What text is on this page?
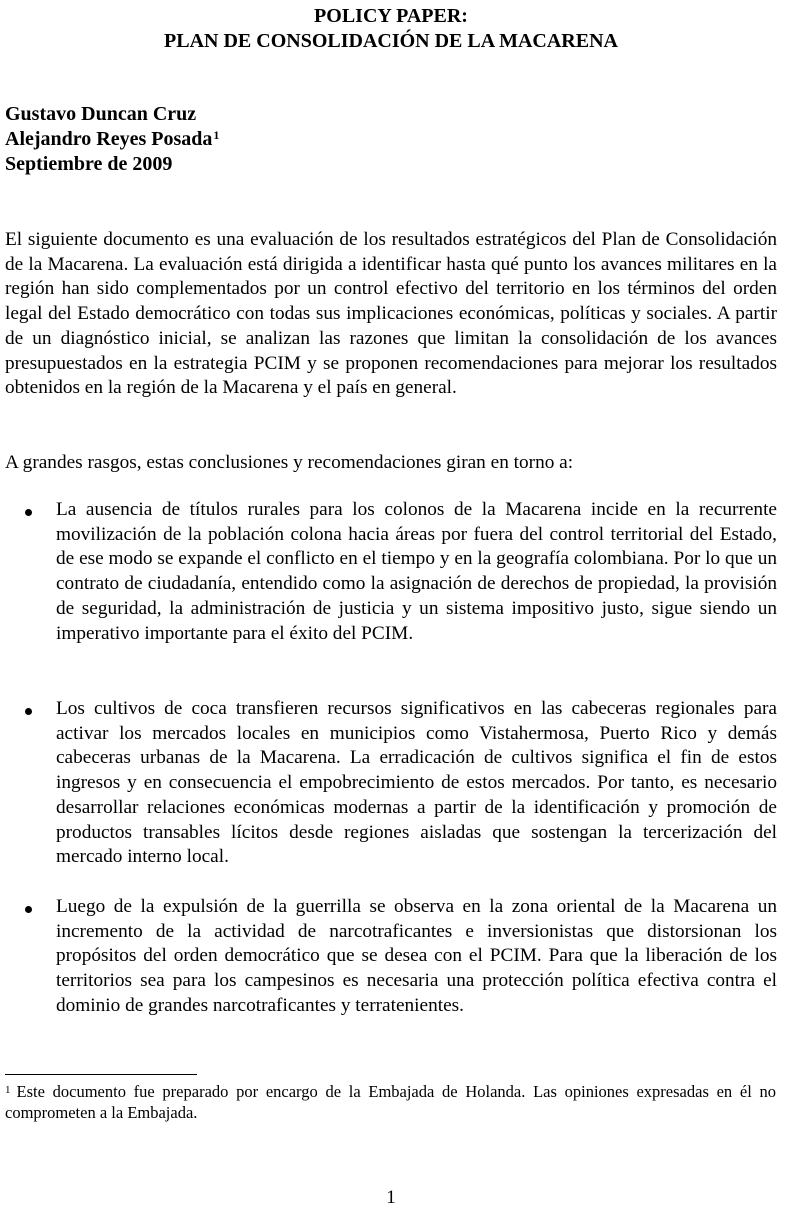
POLICY PAPER:
PLAN DE CONSOLIDACIÓN DE LA MACARENA
Gustavo Duncan Cruz
Alejandro Reyes Posada$^1$
Septiembre de 2009

El siguiente documento es una evaluación de los resultados estratégicos del Plan de Consolidación de la Macarena. La evaluación está dirigida a identificar hasta qué punto los avances militares en la región han sido complementados por un control efectivo del territorio en los términos del orden legal del Estado democrático con todas sus implicaciones económicas, políticas y sociales. A partir de un diagnóstico inicial, se analizan las razones que limitan la consolidación de los avances presupuestados en la estrategia PCIM y se proponen recomendaciones para mejorar los resultados obtenidos en la región de la Macarena y el país en general.

A grandes rasgos, estas conclusiones y recomendaciones giran en torno a:

La ausencia de títulos rurales para los colonos de la Macarena incide en la recurrente movilización de la población colona hacia áreas por fuera del control territorial del Estado, de ese modo se expande el conflicto en el tiempo y en la geografía colombiana. Por lo que un contrato de ciudadanía, entendido como la asignación de derechos de propiedad, la provisión de seguridad, la administración de justicia y un sistema impositivo justo, sigue siendo un imperativo importante para el éxito del PCIM.

Los cultivos de coca transfieren recursos significativos en las cabeceras regionales para activar los mercados locales en municipios como Vistahermosa, Puerto Rico y demás cabeceras urbanas de la Macarena. La erradicación de cultivos significa el fin de estos ingresos y en consecuencia el empobrecimiento de estos mercados. Por tanto, es necesario desarrollar relaciones económicas modernas a partir de la identificación y promoción de productos transables lícitos desde regiones aisladas que sostengan la tercerización del mercado interno local.

Luego de la expulsión de la guerrilla se observa en la zona oriental de la Macarena un incremento de la actividad de narcotraficantes e inversionistas que distorsionan los propósitos del orden democrático que se desea con el PCIM. Para que la liberación de los territorios sea para los campesinos es necesaria una protección política efectiva contra el dominio de grandes narcotraficantes y terratenientes.

$^1$ Este documento fue preparado por encargo de la Embajada de Holanda. Las opiniones expresadas en él no comprometen a la Embajada.
1
